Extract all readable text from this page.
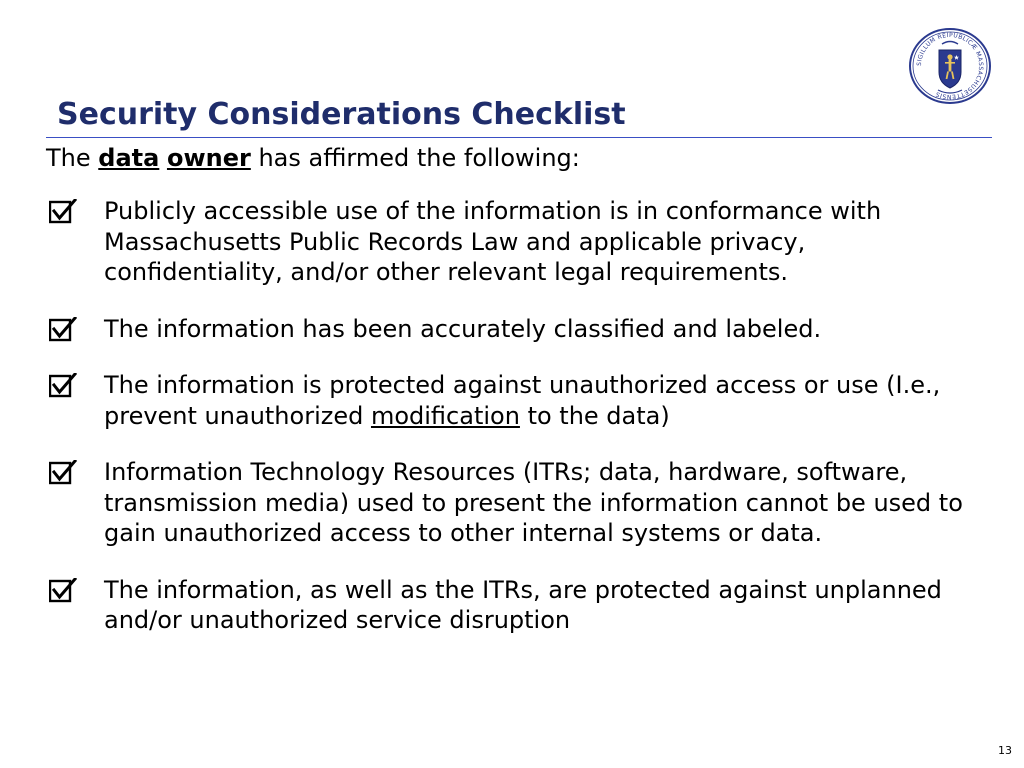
SIGILLUM REIPUBLICÆ MASSACHUSETTENSIS
Security Considerations Checklist
The data owner has affirmed the following:
Publicly accessible use of the information is in conformance with Massachusetts Public Records Law and applicable privacy, confidentiality, and/or other relevant legal requirements.
The information has been accurately classified and labeled.
The information is protected against unauthorized access or use (I.e., prevent unauthorized modification to the data)
Information Technology Resources (ITRs; data, hardware, software, transmission media) used to present the information cannot be used to gain unauthorized access to other internal systems or data.
The information, as well as the ITRs, are protected against unplanned and/or unauthorized service disruption
13
